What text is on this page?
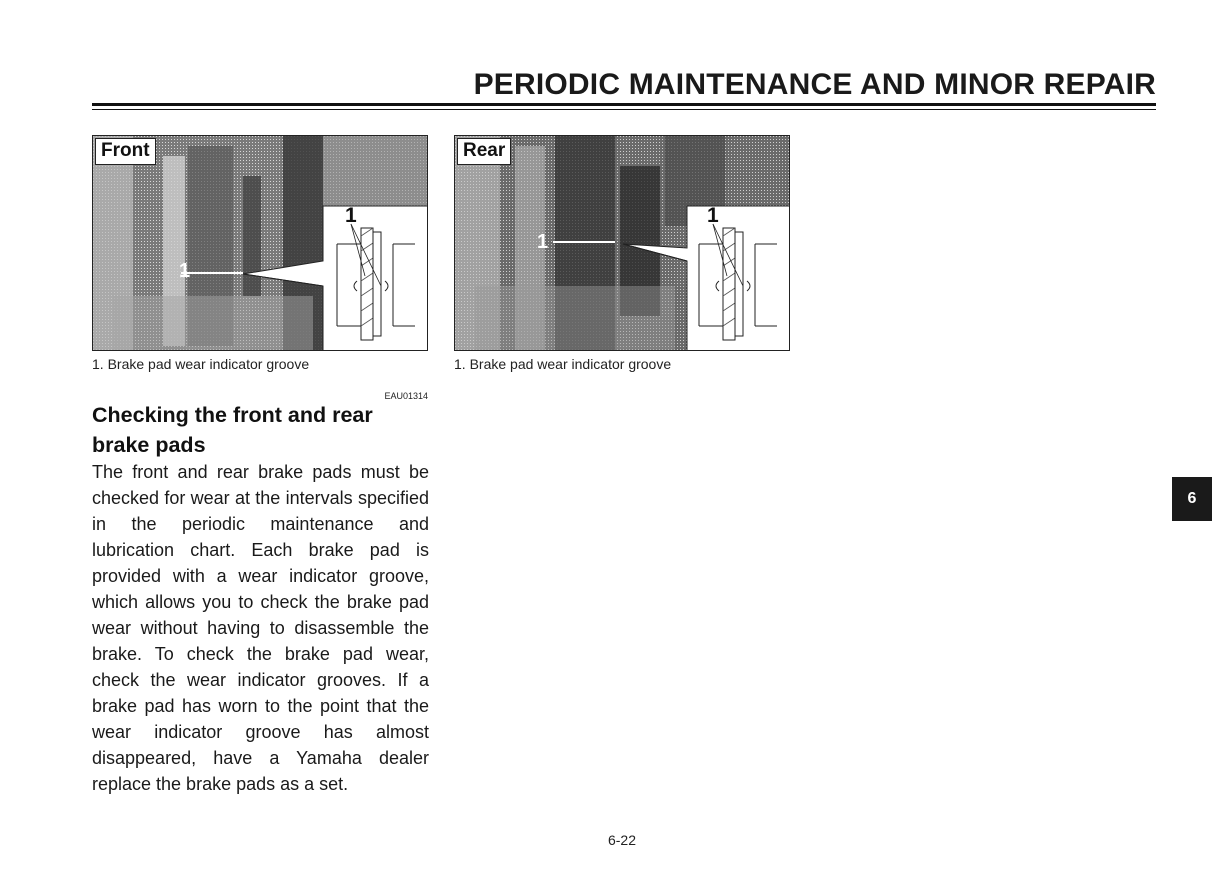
PERIODIC MAINTENANCE AND MINOR REPAIR
Front
1
1
1. Brake pad wear indicator groove
Rear
1
1
1. Brake pad wear indicator groove
EAU01314
Checking the front and rear brake pads
The front and rear brake pads must be checked for wear at the intervals specified in the periodic maintenance and lubrication chart. Each brake pad is provided with a wear indicator groove, which allows you to check the brake pad wear without having to disassemble the brake. To check the brake pad wear, check the wear indicator grooves. If a brake pad has worn to the point that the wear indicator groove has almost disappeared, have a Yamaha dealer replace the brake pads as a set.
6
6-22
